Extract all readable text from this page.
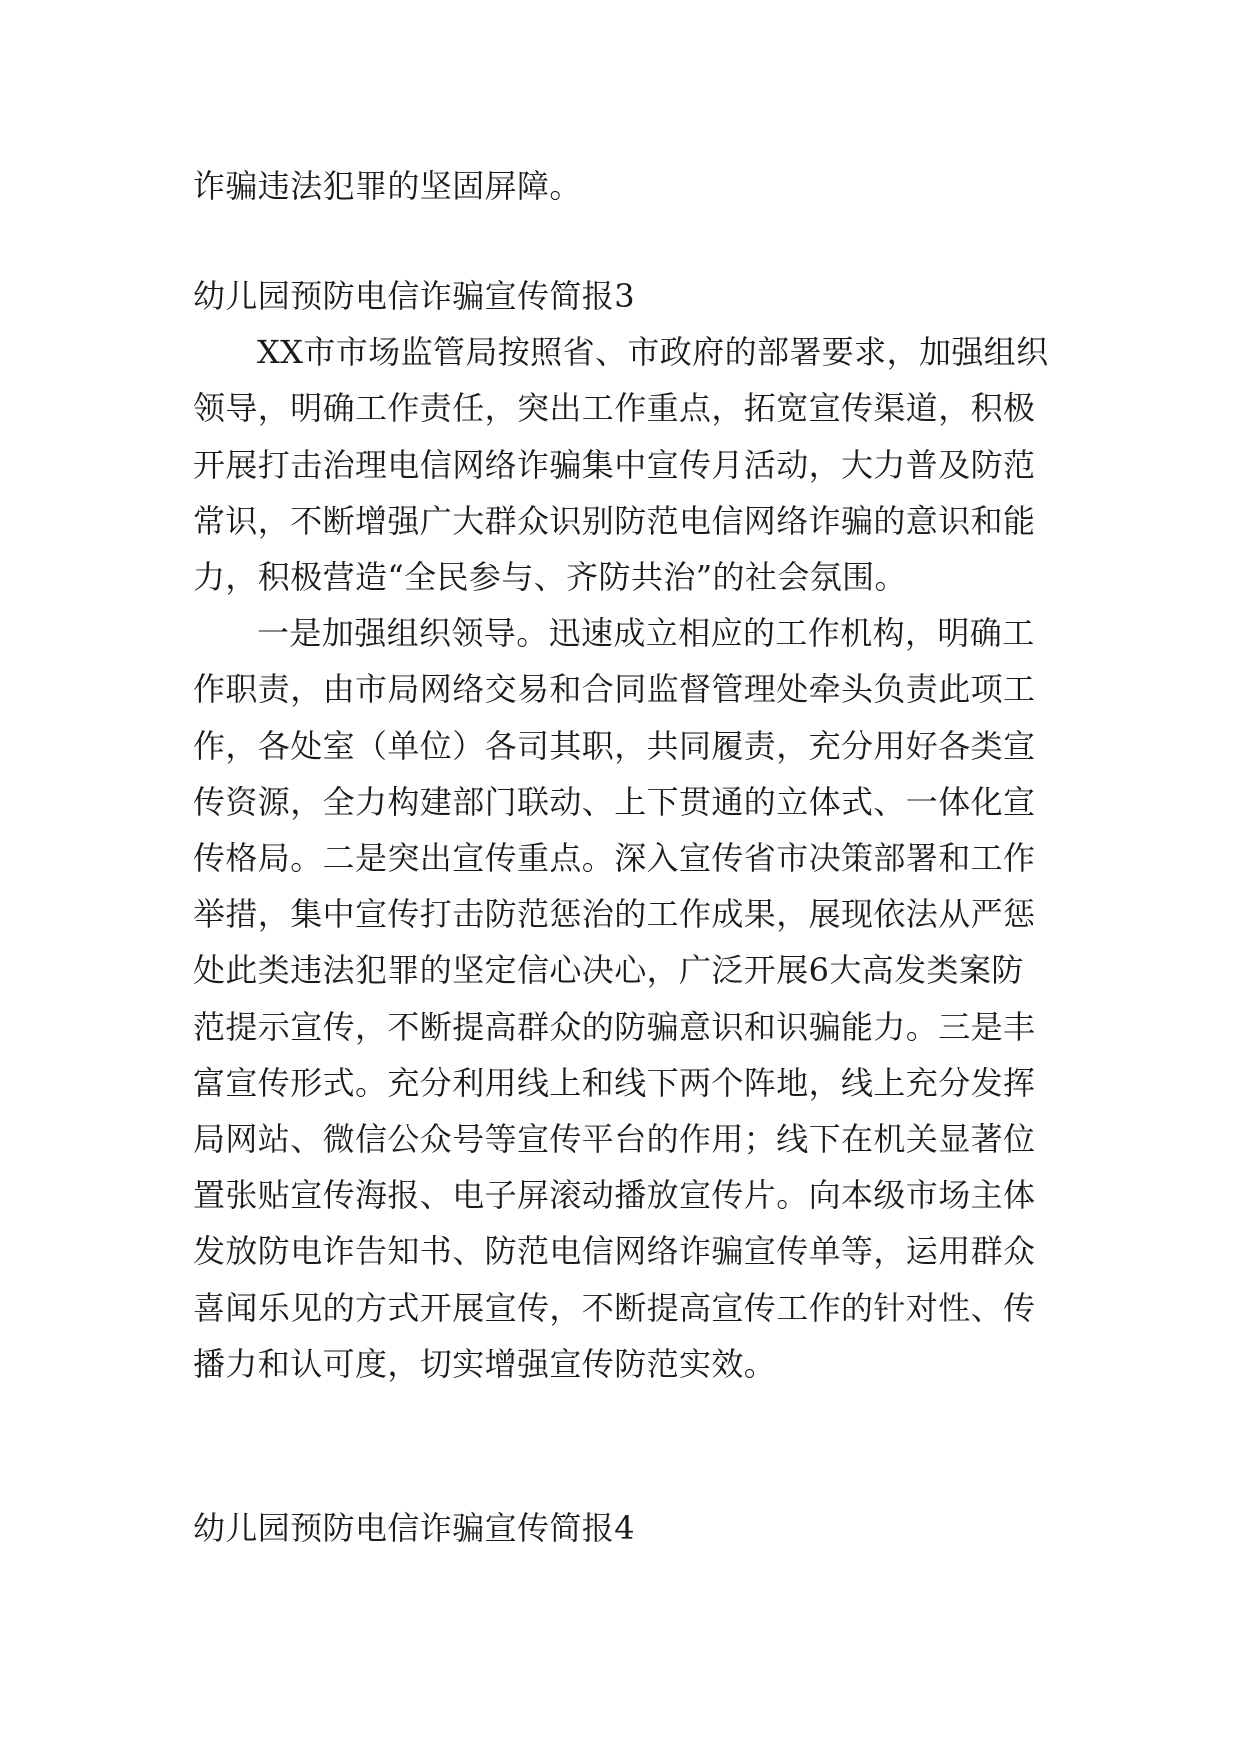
诈骗违法犯罪的坚固屏障。

幼儿园预防电信诈骗宣传简报3

XX市市场监管局按照省、市政府的部署要求，加强组织

领导，明确工作责任，突出工作重点，拓宽宣传渠道，积极

开展打击治理电信网络诈骗集中宣传月活动，大力普及防范

常识，不断增强广大群众识别防范电信网络诈骗的意识和能

力，积极营造“全民参与、齐防共治”的社会氛围。

一是加强组织领导。迅速成立相应的工作机构，明确工

作职责，由市局网络交易和合同监督管理处牵头负责此项工

作，各处室（单位）各司其职，共同履责，充分用好各类宣

传资源，全力构建部门联动、上下贯通的立体式、一体化宣

传格局。二是突出宣传重点。深入宣传省市决策部署和工作

举措，集中宣传打击防范惩治的工作成果，展现依法从严惩

处此类违法犯罪的坚定信心决心，广泛开展6大高发类案防

范提示宣传，不断提高群众的防骗意识和识骗能力。三是丰

富宣传形式。充分利用线上和线下两个阵地，线上充分发挥

局网站、微信公众号等宣传平台的作用；线下在机关显著位

置张贴宣传海报、电子屏滚动播放宣传片。向本级市场主体

发放防电诈告知书、防范电信网络诈骗宣传单等，运用群众

喜闻乐见的方式开展宣传，不断提高宣传工作的针对性、传

播力和认可度，切实增强宣传防范实效。

幼儿园预防电信诈骗宣传简报4
